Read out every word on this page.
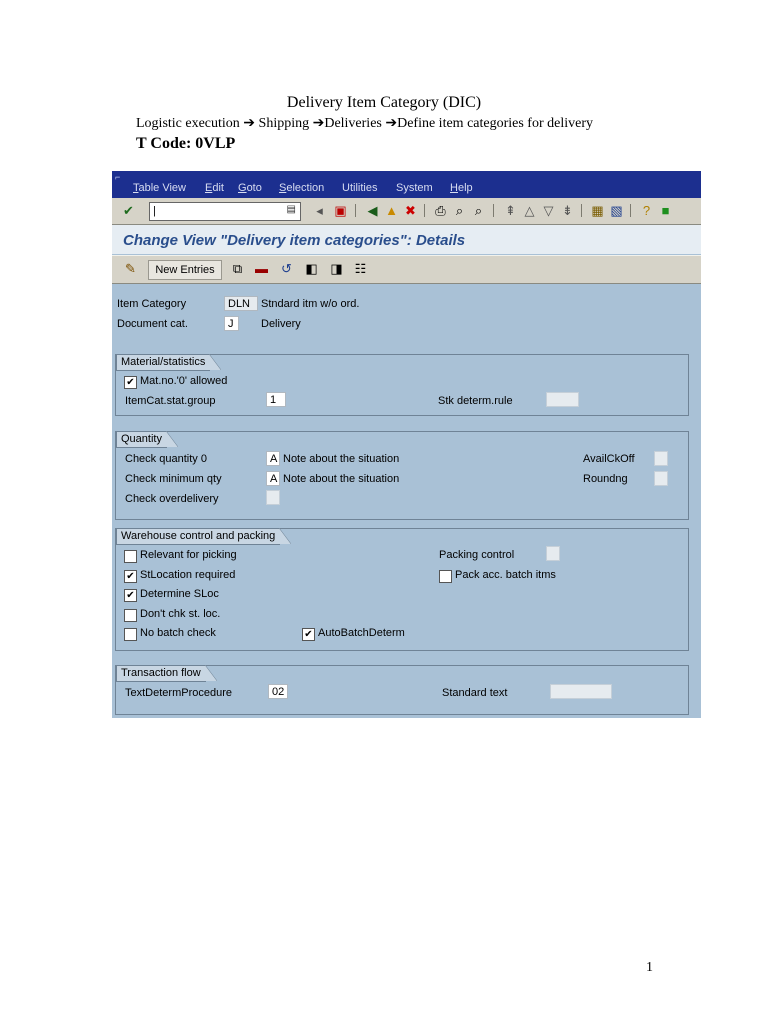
Delivery Item Category (DIC)
Logistic execution ➔ Shipping ➔Deliveries ➔Define item categories for delivery
T Code: 0VLP
1
⌐
Table View Edit Goto Selection Utilities System Help
✔
|	▤	◂ ▣ ◀ ▲ ✖ ⎙ ⌕ ⌕	⇞ △ ▽ ⇟ ▦ ▧	? ■
Change View "Delivery item categories": Details
✎	New Entries	⧉ ▬ ↺ ◧ ◨ ☷
Item Category	DLN Stndard itm w/o ord.
Document cat.	J	Delivery
Material/statistics
✔ Mat.no.'0' allowed
ItemCat.stat.group	1	Stk determ.rule
Quantity
Check quantity 0	A Note about the situation	AvailCkOff
Check minimum qty	A Note about the situation	Roundng
Check overdelivery
Warehouse control and packing
Relevant for picking	Packing control
✔ StLocation required	Pack acc. batch itms
✔ Determine SLoc
Don't chk st. loc.
No batch check	✔ AutoBatchDeterm
Transaction flow
TextDetermProcedure	02	Standard text
